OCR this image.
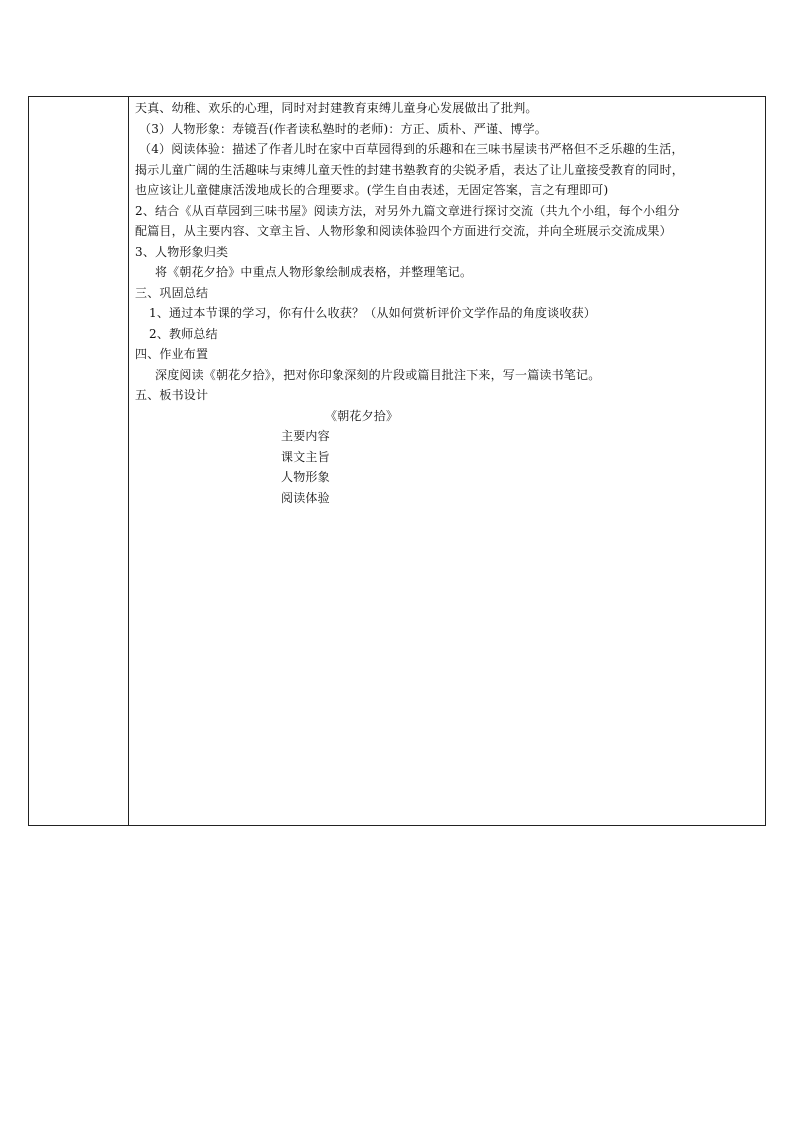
天真、幼稚、欢乐的心理，同时对封建教育束缚儿童身心发展做出了批判。
（3）人物形象：寿镜吾(作者读私塾时的老师)：方正、质朴、严谨、博学。
（4）阅读体验：描述了作者儿时在家中百草园得到的乐趣和在三味书屋读书严格但不乏乐趣的生活，
揭示儿童广阔的生活趣味与束缚儿童天性的封建书塾教育的尖锐矛盾，表达了让儿童接受教育的同时，
也应该让儿童健康活泼地成长的合理要求。(学生自由表述，无固定答案，言之有理即可)
2、结合《从百草园到三味书屋》阅读方法，对另外九篇文章进行探讨交流（共九个小组，每个小组分
配篇目，从主要内容、文章主旨、人物形象和阅读体验四个方面进行交流，并向全班展示交流成果）
3、人物形象归类
将《朝花夕拾》中重点人物形象绘制成表格，并整理笔记。
三、巩固总结
1、通过本节课的学习，你有什么收获？（从如何赏析评价文学作品的角度谈收获）
2、教师总结
四、作业布置
深度阅读《朝花夕拾》，把对你印象深刻的片段或篇目批注下来，写一篇读书笔记。
五、板书设计
《朝花夕拾》
主要内容
课文主旨
人物形象
阅读体验
